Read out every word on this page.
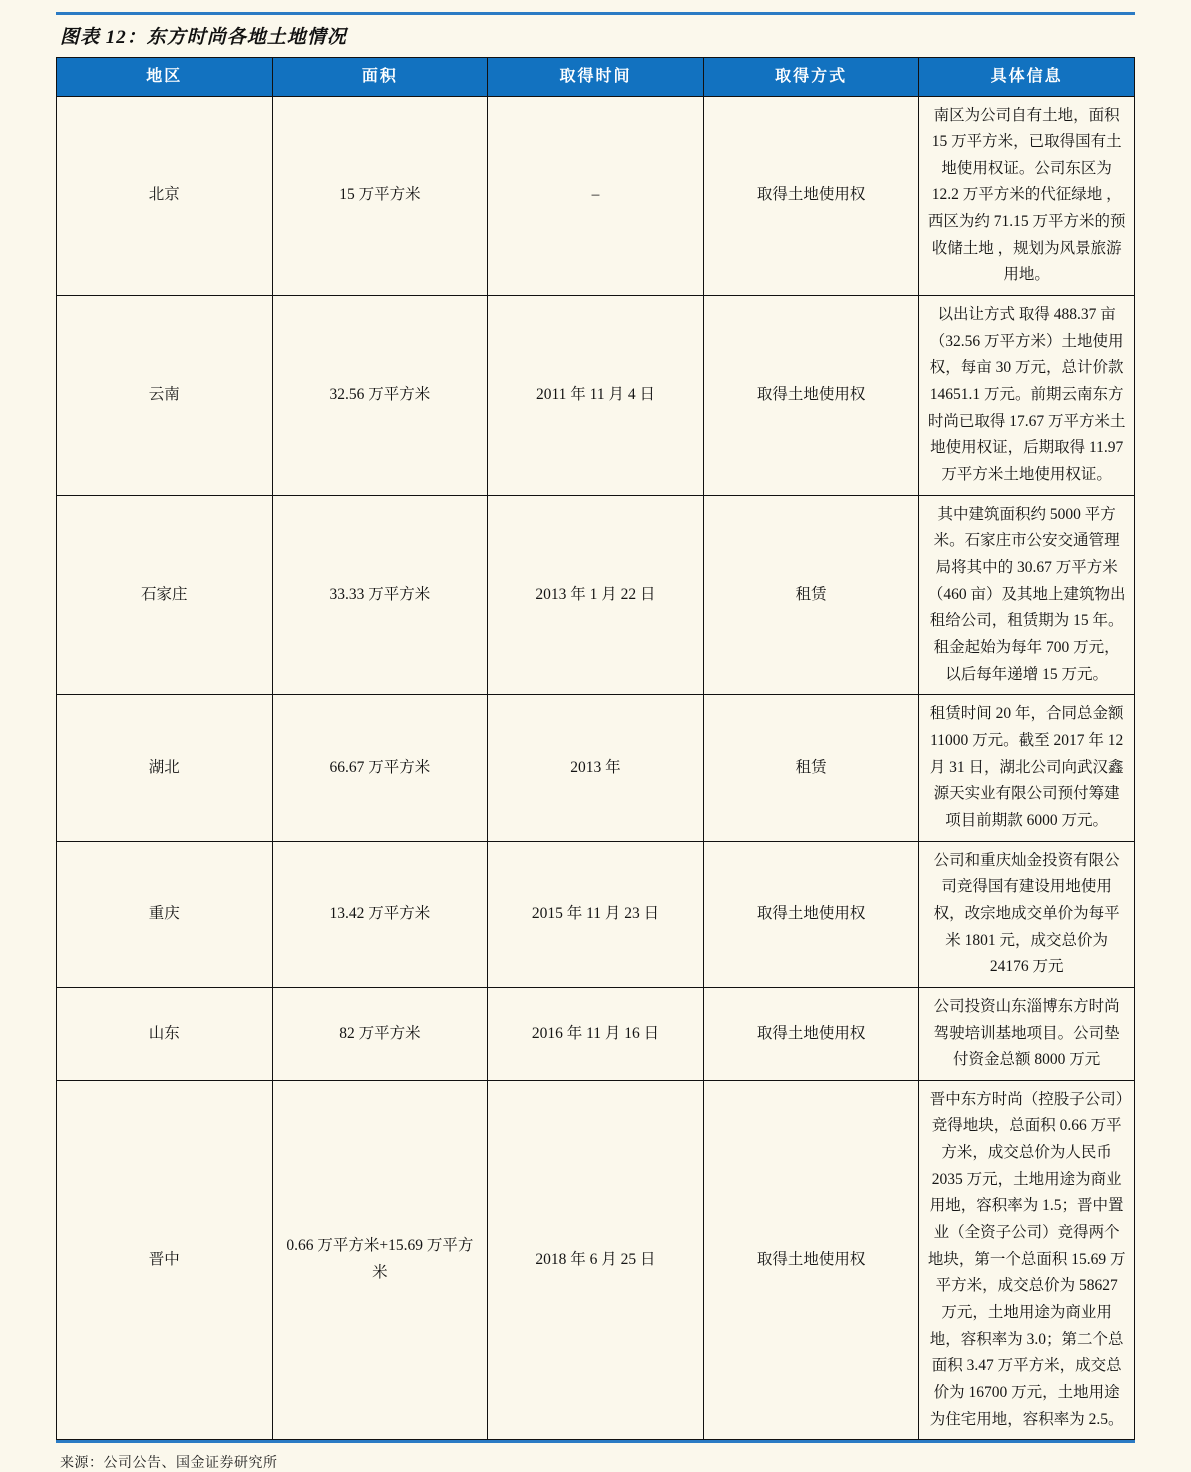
图表 12：东方时尚各地土地情况
地区	面积	取得时间	取得方式	具体信息
北京	15 万平方米	–	取得土地使用权	南区为公司自有土地，面积 15 万平方米，已取得国有土地使用权证。公司东区为 12.2 万平方米的代征绿地 ，西区为约 71.15 万平方米的预收储土地 ，规划为风景旅游用地。
云南	32.56 万平方米	2011 年 11 月 4 日	取得土地使用权	以出让方式 取得 488.37 亩（32.56 万平方米）土地使用权，每亩 30 万元，总计价款 14651.1 万元。前期云南东方时尚已取得 17.67 万平方米土地使用权证，后期取得 11.97 万平方米土地使用权证。
石家庄	33.33 万平方米	2013 年 1 月 22 日	租赁	其中建筑面积约 5000 平方米。石家庄市公安交通管理局将其中的 30.67 万平方米（460 亩）及其地上建筑物出租给公司，租赁期为 15 年。租金起始为每年 700 万元，以后每年递增 15 万元。
湖北	66.67 万平方米	2013 年	租赁	租赁时间 20 年，合同总金额 11000 万元。截至 2017 年 12 月 31 日，湖北公司向武汉鑫源天实业有限公司预付筹建项目前期款 6000 万元。
重庆	13.42 万平方米	2015 年 11 月 23 日	取得土地使用权	公司和重庆灿金投资有限公司竞得国有建设用地使用权，改宗地成交单价为每平米 1801 元，成交总价为 24176 万元
山东	82 万平方米	2016 年 11 月 16 日	取得土地使用权	公司投资山东淄博东方时尚驾驶培训基地项目。公司垫付资金总额 8000 万元
晋中	0.66 万平方米+15.69 万平方米	2018 年 6 月 25 日	取得土地使用权	晋中东方时尚（控股子公司）竞得地块，总面积 0.66 万平方米，成交总价为人民币 2035 万元，土地用途为商业用地，容积率为 1.5；晋中置业（全资子公司）竞得两个地块，第一个总面积 15.69 万平方米，成交总价为 58627 万元，土地用途为商业用地，容积率为 3.0；第二个总面积 3.47 万平方米，成交总价为 16700 万元，土地用途为住宅用地，容积率为 2.5。
来源：公司公告、国金证券研究所
